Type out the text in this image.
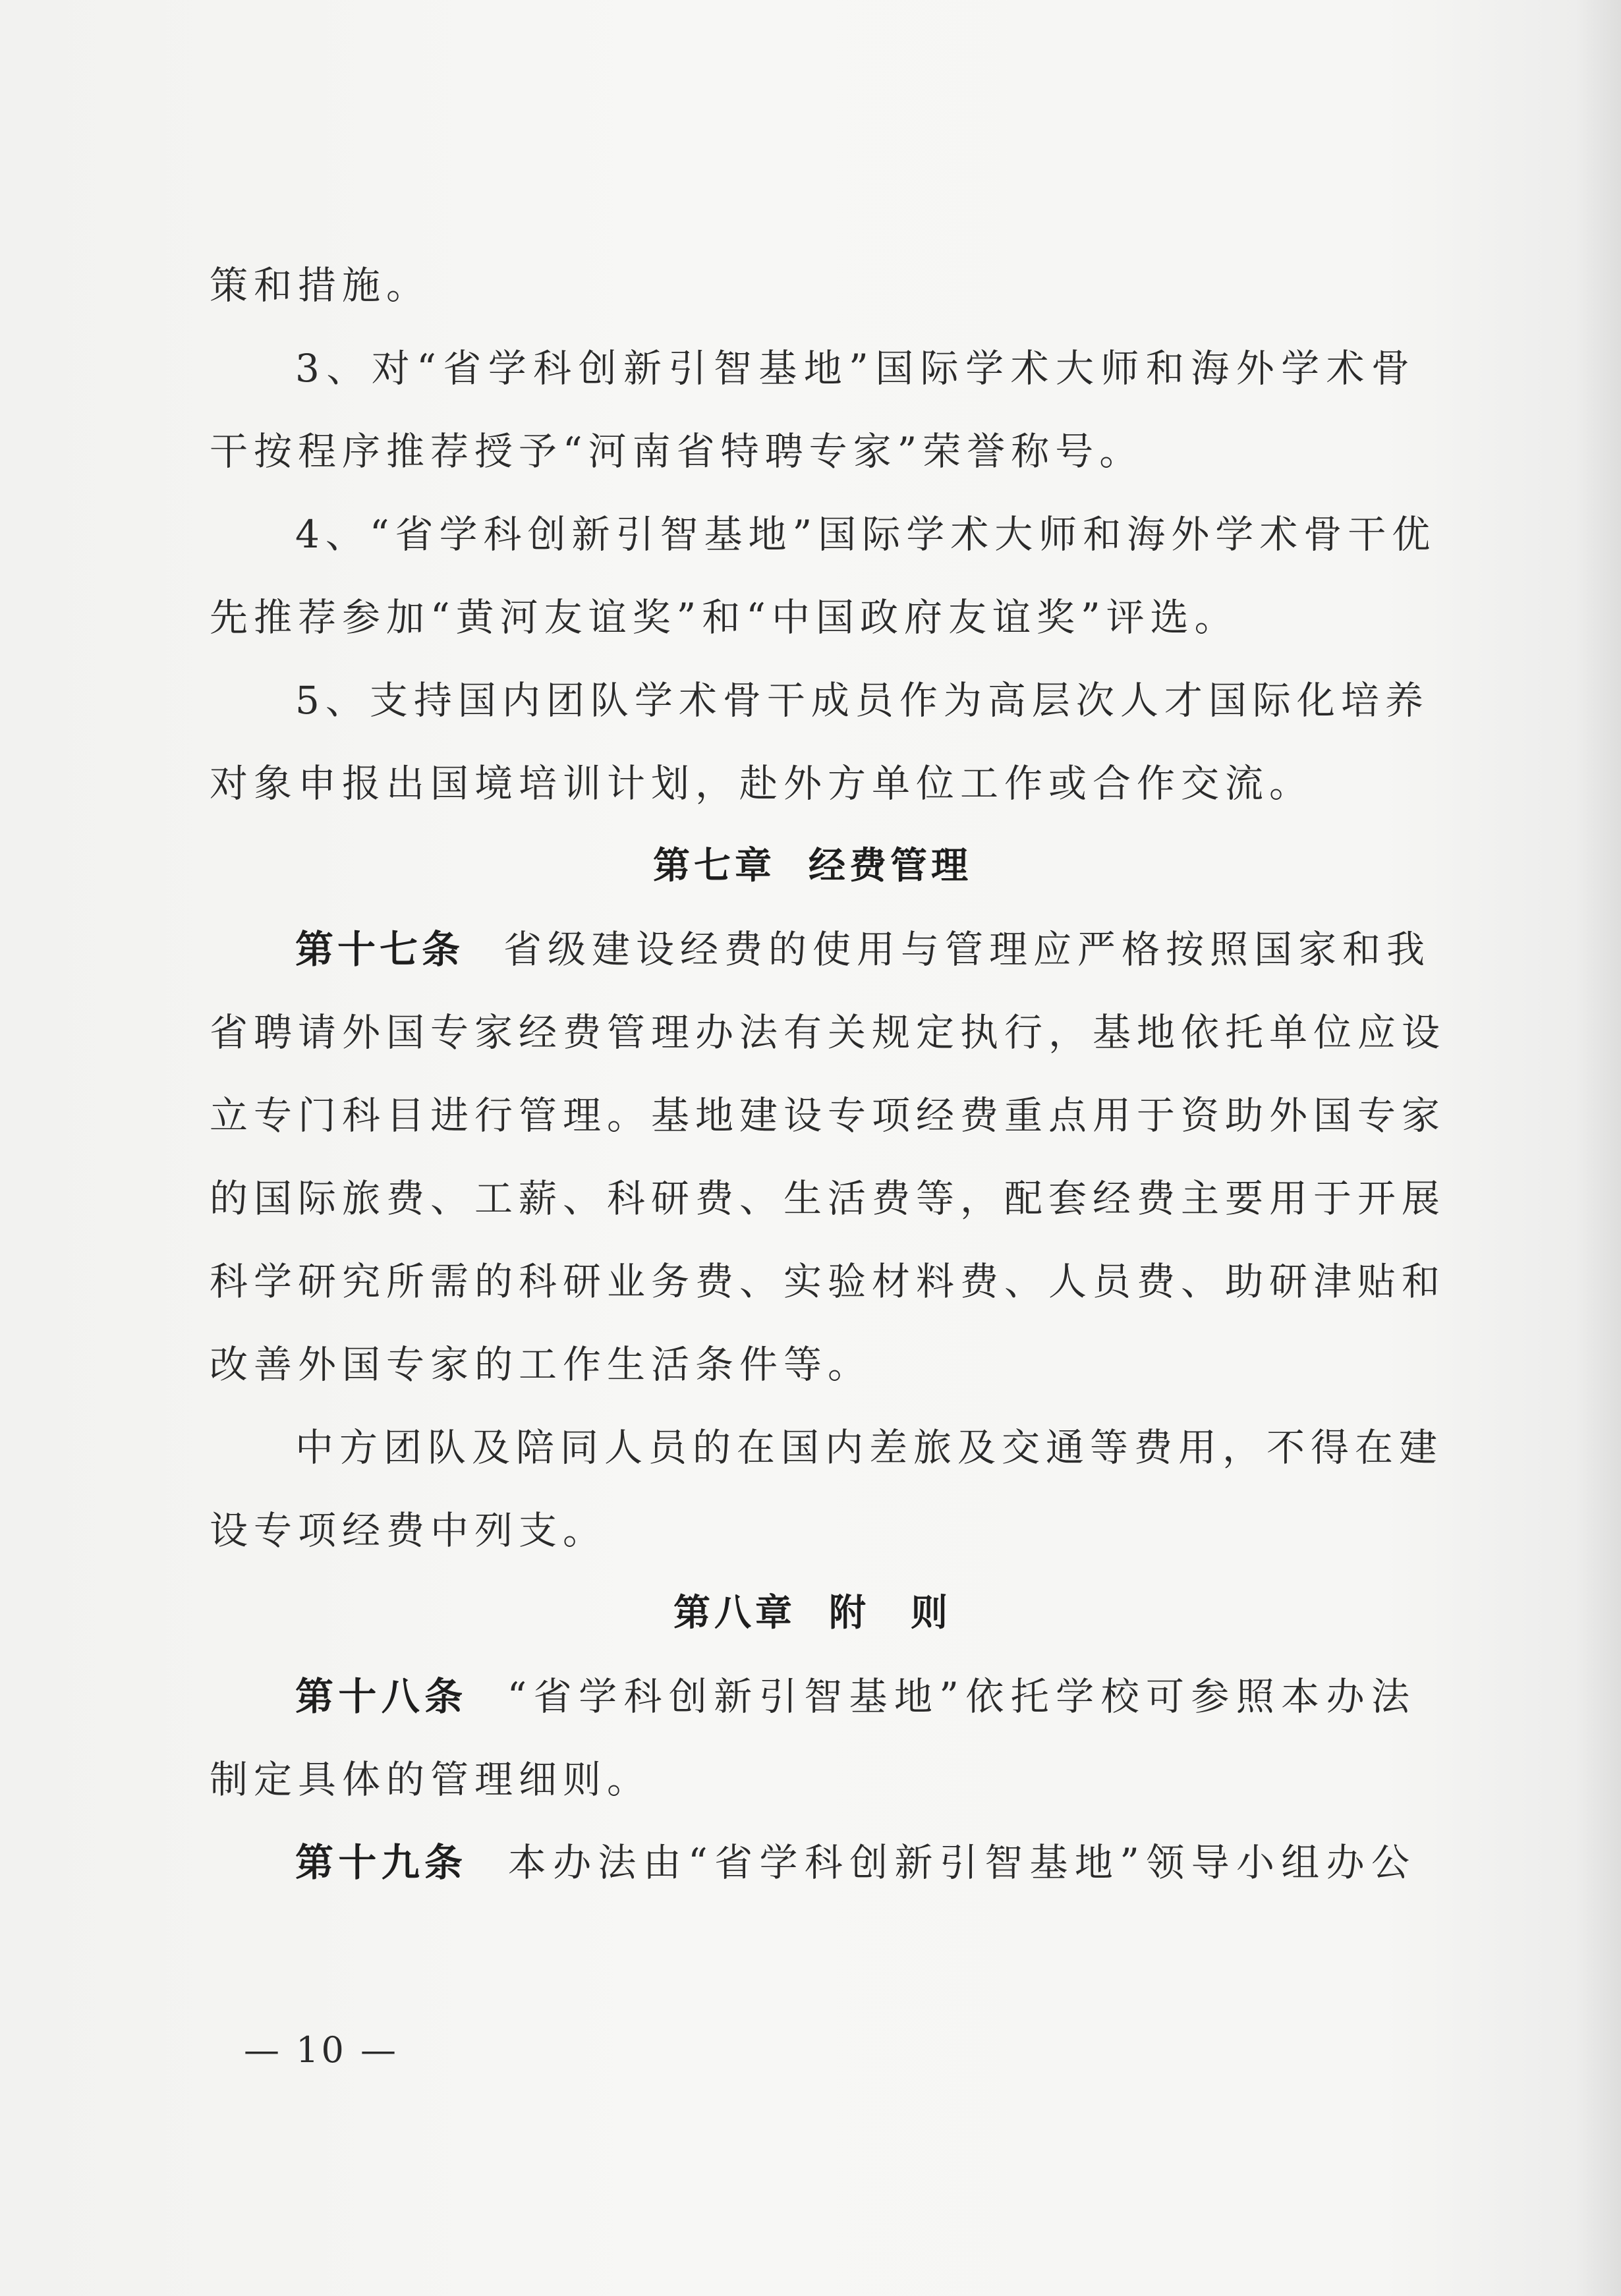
策和措施。
3、对“省学科创新引智基地”国际学术大师和海外学术骨
干按程序推荐授予“河南省特聘专家”荣誉称号。
4、“省学科创新引智基地”国际学术大师和海外学术骨干优
先推荐参加“黄河友谊奖”和“中国政府友谊奖”评选。
5、支持国内团队学术骨干成员作为高层次人才国际化培养
对象申报出国境培训计划，赴外方单位工作或合作交流。
第七章 经费管理
第十七条 省级建设经费的使用与管理应严格按照国家和我
省聘请外国专家经费管理办法有关规定执行，基地依托单位应设
立专门科目进行管理。基地建设专项经费重点用于资助外国专家
的国际旅费、工薪、科研费、生活费等，配套经费主要用于开展
科学研究所需的科研业务费、实验材料费、人员费、助研津贴和
改善外国专家的工作生活条件等。
中方团队及陪同人员的在国内差旅及交通等费用，不得在建
设专项经费中列支。
第八章 附　则
第十八条 “省学科创新引智基地”依托学校可参照本办法
制定具体的管理细则。
第十九条 本办法由“省学科创新引智基地”领导小组办公
— 10 —
